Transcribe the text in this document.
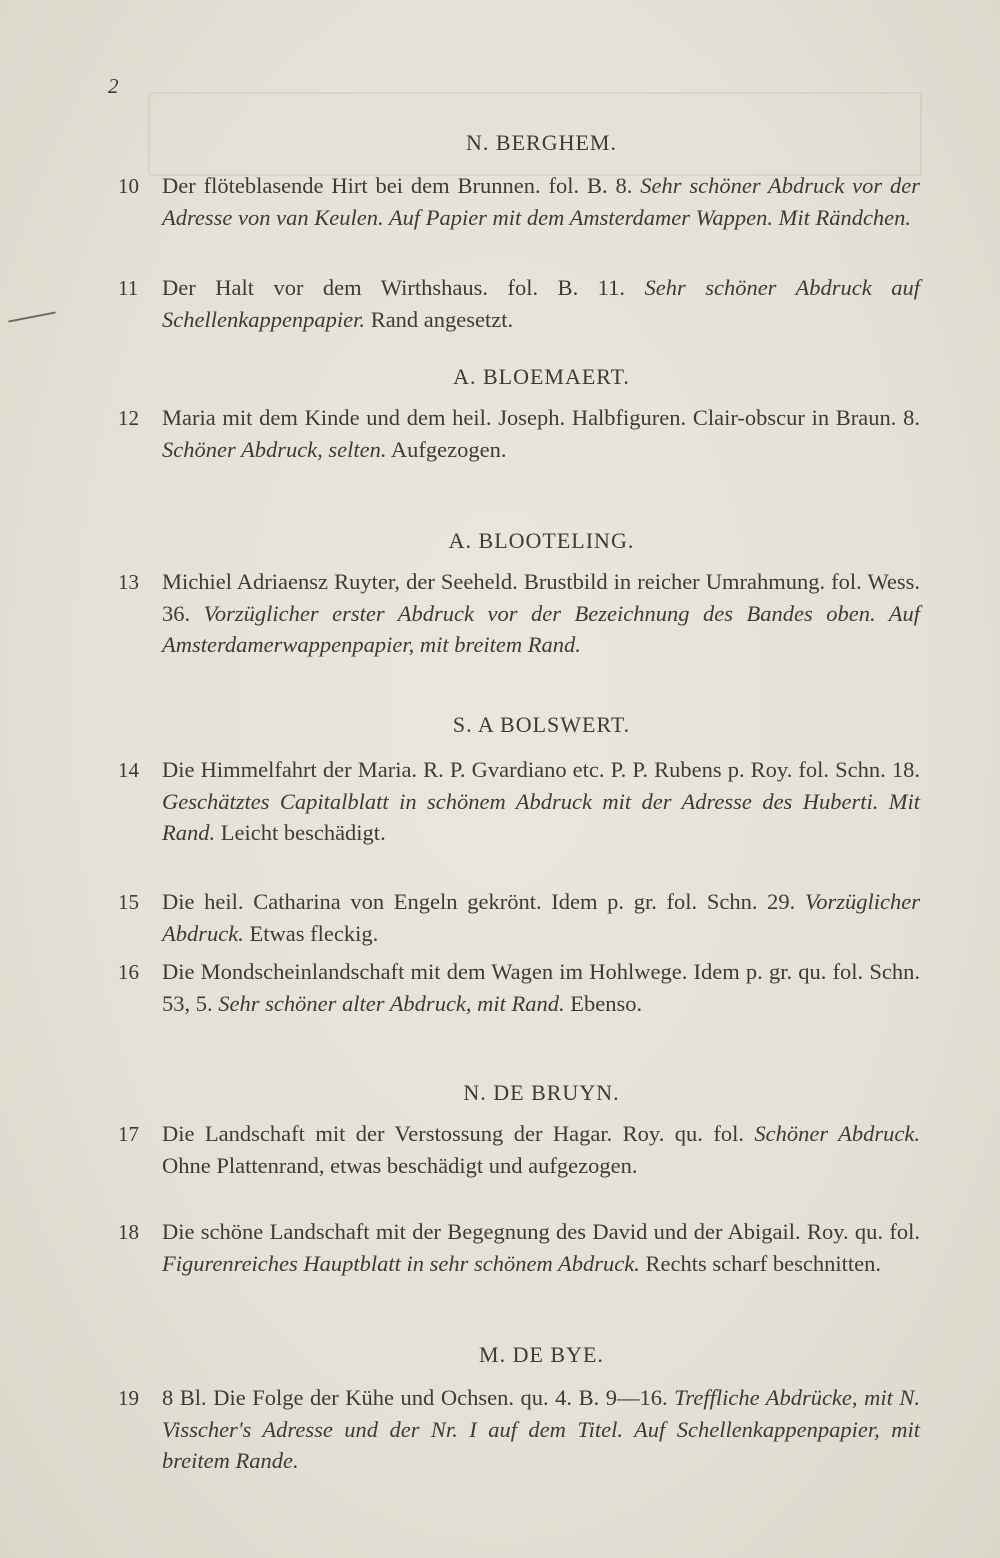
2
N. BERGHEM.
10 Der flöteblasende Hirt bei dem Brunnen. fol. B. 8. Sehr schöner Abdruck vor der Adresse von van Keulen. Auf Papier mit dem Amsterdamer Wappen. Mit Rändchen.
11 Der Halt vor dem Wirthshaus. fol. B. 11. Sehr schöner Abdruck auf Schellenkappenpapier. Rand angesetzt.
A. BLOEMAERT.
12 Maria mit dem Kinde und dem heil. Joseph. Halbfiguren. Clair-obscur in Braun. 8. Schöner Abdruck, selten. Aufgezogen.
A. BLOOTELING.
13 Michiel Adriaensz Ruyter, der Seeheld. Brustbild in reicher Umrahmung. fol. Wess. 36. Vorzüglicher erster Abdruck vor der Bezeichnung des Bandes oben. Auf Amsterdamerwappenpapier, mit breitem Rand.
S. A BOLSWERT.
14 Die Himmelfahrt der Maria. R. P. Gvardiano etc. P. P. Rubens p. Roy. fol. Schn. 18. Geschätztes Capitalblatt in schönem Abdruck mit der Adresse des Huberti. Mit Rand. Leicht beschädigt.
15 Die heil. Catharina von Engeln gekrönt. Idem p. gr. fol. Schn. 29. Vorzüglicher Abdruck. Etwas fleckig.
16 Die Mondscheinlandschaft mit dem Wagen im Hohlwege. Idem p. gr. qu. fol. Schn. 53, 5. Sehr schöner alter Abdruck, mit Rand. Ebenso.
N. DE BRUYN.
17 Die Landschaft mit der Verstossung der Hagar. Roy. qu. fol. Schöner Abdruck. Ohne Plattenrand, etwas beschädigt und aufgezogen.
18 Die schöne Landschaft mit der Begegnung des David und der Abigail. Roy. qu. fol. Figurenreiches Hauptblatt in sehr schönem Abdruck. Rechts scharf beschnitten.
M. DE BYE.
19 8 Bl. Die Folge der Kühe und Ochsen. qu. 4. B. 9—16. Treffliche Abdrücke, mit N. Visscher's Adresse und der Nr. I auf dem Titel. Auf Schellenkappenpapier, mit breitem Rande.
